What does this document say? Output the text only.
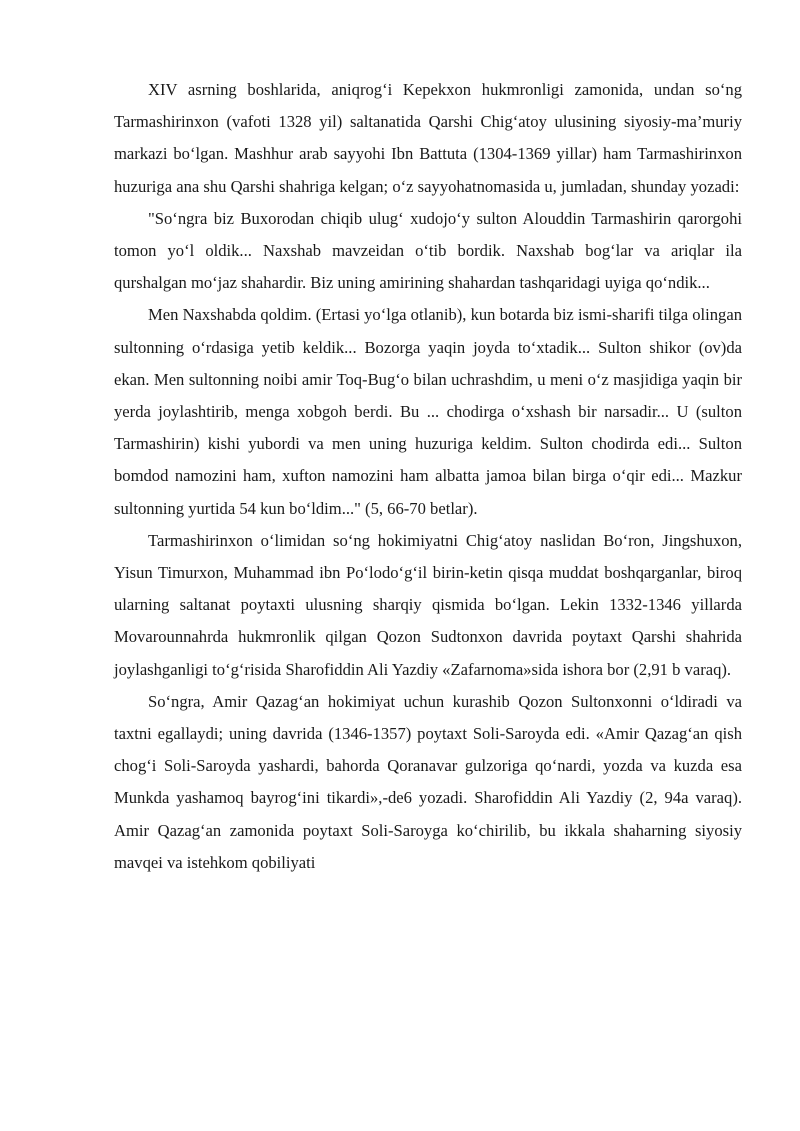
XIV asrning boshlarida, aniqrog‘i Kepekxon hukmronligi zamonida, undan so‘ng Tarmashirinxon (vafoti 1328 yil) saltanatida Qarshi Chig‘atoy ulusining siyosiy-ma’muriy markazi bo‘lgan. Mashhur arab sayyohi Ibn Battuta (1304-1369 yillar) ham Tarmashirinxon huzuriga ana shu Qarshi shahriga kelgan; o‘z sayyohatnomasida u, jumladan, shunday yozadi:

"So‘ngra biz Buxorodan chiqib ulug‘ xudojo‘y sulton Alouddin Tarmashirin qarorgohi tomon yo‘l oldik... Naxshab mavzeidan o‘tib bordik. Naxshab bog‘lar va ariqlar ila qurshalgan mo‘jaz shahardir. Biz uning amirining shahardan tashqaridagi uyiga qo‘ndik...

Men Naxshabda qoldim. (Ertasi yo‘lga otlanib), kun botarda biz ismi-sharifi tilga olingan sultonning o‘rdasiga yetib keldik... Bozorga yaqin joyda to‘xtadik... Sulton shikor (ov)da ekan. Men sultonning noibi amir Toq-Bug‘o bilan uchrashdim, u meni o‘z masjidiga yaqin bir yerda joylashtirib, menga xobgoh berdi. Bu ... chodirga o‘xshash bir narsadir... U (sulton Tarmashirin) kishi yubordi va men uning huzuriga keldim. Sulton chodirda edi... Sulton bomdod namozini ham, xufton namozini ham albatta jamoa bilan birga o‘qir edi... Mazkur sultonning yurtida 54 kun bo‘ldim..." (5, 66-70 betlar).

Tarmashirinxon o‘limidan so‘ng hokimiyatni Chig‘atoy naslidan Bo‘ron, Jingshuxon, Yisun Timurxon, Muhammad ibn Po‘lodo‘g‘il birin-ketin qisqa muddat boshqarganlar, biroq ularning saltanat poytaxti ulusning sharqiy qismida bo‘lgan. Lekin 1332-1346 yillarda Movarounnahrda hukmronlik qilgan Qozon Sudtonxon davrida poytaxt Qarshi shahrida joylashganligi to‘g‘risida Sharofiddin Ali Yazdiy «Zafarnoma»sida ishora bor (2,91 b varaq).

So‘ngra, Amir Qazag‘an hokimiyat uchun kurashib Qozon Sultonxonni o‘ldiradi va taxtni egallaydi; uning davrida (1346-1357) poytaxt Soli-Saroyda edi. «Amir Qazag‘an qish chog‘i Soli-Saroyda yashardi, bahorda Qoranavar gulzoriga qo‘nardi, yozda va kuzda esa Munkda yashamoq bayrog‘ini tikardi»,-de6 yozadi. Sharofiddin Ali Yazdiy (2, 94a varaq). Amir Qazag‘an zamonida poytaxt Soli-Saroyga ko‘chirilib, bu ikkala shaharning siyosiy mavqei va istehkom qobiliyati
